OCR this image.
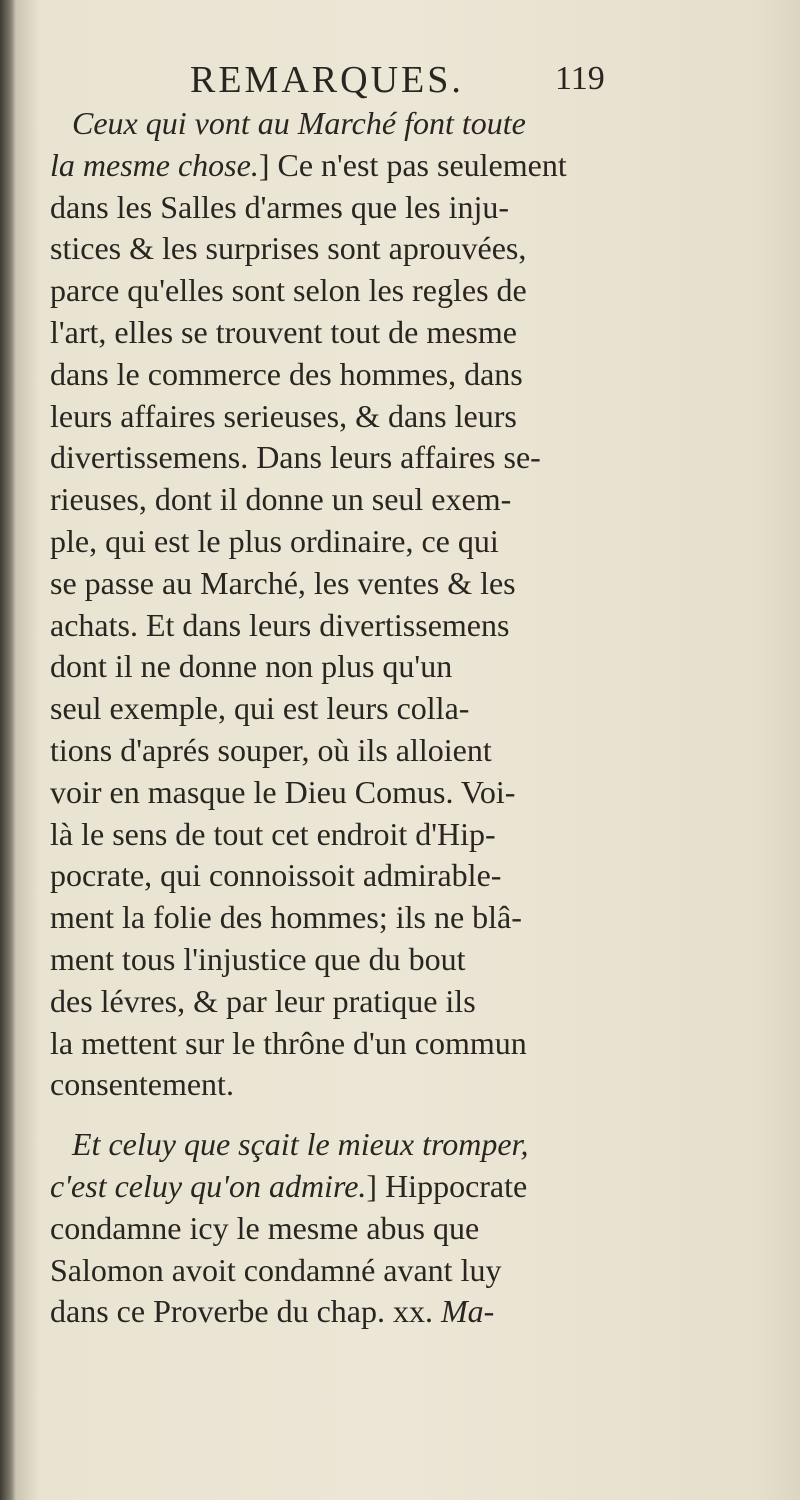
REMARQUES.	119
Ceux qui vont au Marché font toute
la mesme chose.] Ce n'est pas seulement
dans les Salles d'armes que les inju-
stices & les surprises sont aprouvées,
parce qu'elles sont selon les regles de
l'art, elles se trouvent tout de mesme
dans le commerce des hommes, dans
leurs affaires serieuses, & dans leurs
divertissemens. Dans leurs affaires se-
rieuses, dont il donne un seul exem-
ple, qui est le plus ordinaire, ce qui
se passe au Marché, les ventes & les
achats. Et dans leurs divertissemens
dont il ne donne non plus qu'un
seul exemple, qui est leurs colla-
tions d'aprés souper, où ils alloient
voir en masque le Dieu Comus. Voi-
là le sens de tout cet endroit d'Hip-
pocrate, qui connoissoit admirable-
ment la folie des hommes; ils ne blâ-
ment tous l'injustice que du bout
des lévres, & par leur pratique ils
la mettent sur le thrône d'un commun
consentement.
Et celuy que sçait le mieux tromper,
c'est celuy qu'on admire.] Hippocrate
condamne icy le mesme abus que
Salomon avoit condamné avant luy
dans ce Proverbe du chap. xx. Ma-
